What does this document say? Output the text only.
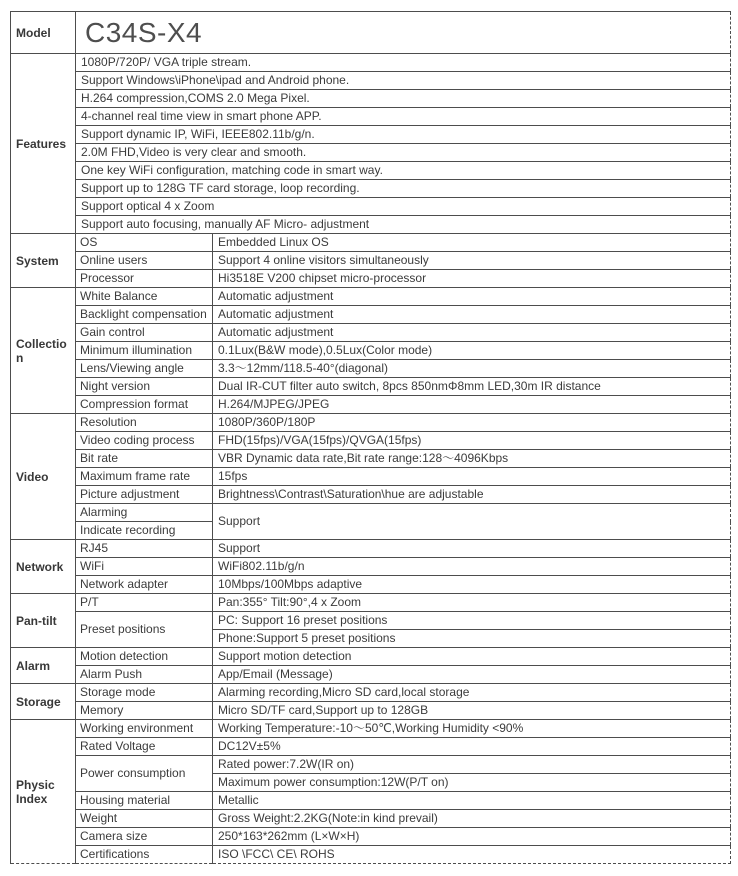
Model	C34S-X4	
Features	1080P/720P/ VGA triple stream.	
	Support Windows\iPhone\ipad and Android phone.	
	H.264 compression,COMS 2.0 Mega Pixel.	
	4-channel real time view in smart phone APP.	
	Support dynamic IP, WiFi, IEEE802.11b/g/n.	
	2.0M FHD,Video is very clear and smooth.	
	One key WiFi configuration, matching code in smart way.	
	Support up to 128G TF card storage, loop recording.	
	Support optical 4 x Zoom	
	Support auto focusing, manually AF Micro- adjustment	
System	OS	Embedded Linux OS
	Online users	Support 4 online visitors simultaneously
	Processor	Hi3518E V200 chipset micro-processor
Collection	White Balance	Automatic adjustment
	Backlight compensation	Automatic adjustment
	Gain control	Automatic adjustment
	Minimum illumination	0.1Lux(B&W mode),0.5Lux(Color mode)
	Lens/Viewing angle	3.3～12mm/118.5-40°(diagonal)
	Night version	Dual IR-CUT filter auto switch, 8pcs 850nmΦ8mm LED,30m IR distance
	Compression format	H.264/MJPEG/JPEG
Video	Resolution	1080P/360P/180P
	Video coding process	FHD(15fps)/VGA(15fps)/QVGA(15fps)
	Bit rate	VBR Dynamic data rate,Bit rate range:128～4096Kbps
	Maximum frame rate	15fps
	Picture adjustment	Brightness\Contrast\Saturation\hue are adjustable
	Alarming	Support
	Indicate recording	
Network	RJ45	Support
	WiFi	WiFi802.11b/g/n
	Network adapter	10Mbps/100Mbps adaptive
Pan-tilt	P/T	Pan:355° Tilt:90°,4 x Zoom
	Preset positions	PC: Support 16 preset positions
		Phone:Support 5 preset positions
Alarm	Motion detection	Support motion detection
	Alarm Push	App/Email (Message)
Storage	Storage mode	Alarming recording,Micro SD card,local storage
	Memory	Micro SD/TF card,Support up to 128GB
Physic Index	Working environment	Working Temperature:-10～50℃,Working Humidity <90%
	Rated Voltage	DC12V±5%
	Power consumption	Rated power:7.2W(IR on)
		Maximum power consumption:12W(P/T on)
	Housing material	Metallic
	Weight	Gross Weight:2.2KG(Note:in kind prevail)
	Camera size	250*163*262mm (L×W×H)
	Certifications	ISO \FCC\ CE\ ROHS
